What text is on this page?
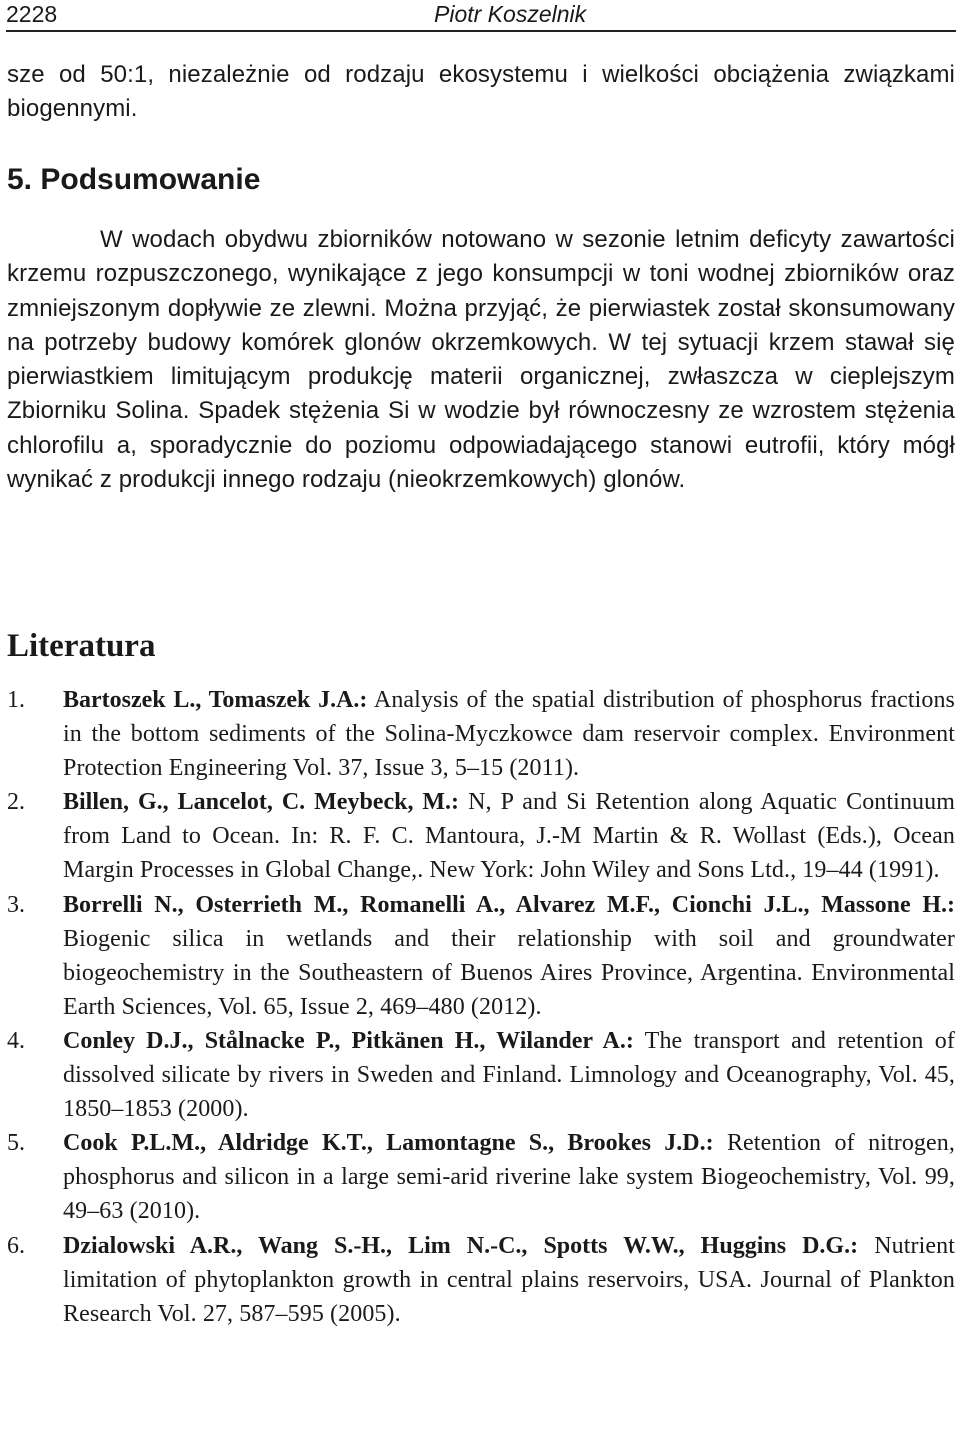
2228	Piotr Koszelnik

sze od 50:1, niezależnie od rodzaju ekosystemu i wielkości obciążenia związkami biogennymi.

5. Podsumowanie

W wodach obydwu zbiorników notowano w sezonie letnim deficyty zawartości krzemu rozpuszczonego, wynikające z jego konsumpcji w toni wodnej zbiorników oraz zmniejszonym dopływie ze zlewni. Można przyjąć, że pierwiastek został skonsumowany na potrzeby budowy komórek glonów okrzemkowych. W tej sytuacji krzem stawał się pierwiastkiem limitującym produkcję materii organicznej, zwłaszcza w cieplejszym Zbiorniku Solina. Spadek stężenia Si w wodzie był równoczesny ze wzrostem stężenia chlorofilu a, sporadycznie do poziomu odpowiadającego stanowi eutrofii, który mógł wynikać z produkcji innego rodzaju (nieokrzemkowych) glonów.

Literatura
1. Bartoszek L., Tomaszek J.A.: Analysis of the spatial distribution of phosphorus fractions in the bottom sediments of the Solina-Myczkowce dam reservoir complex. Environment Protection Engineering Vol. 37, Issue 3, 5–15 (2011).
2. Billen, G., Lancelot, C. Meybeck, M.: N, P and Si Retention along Aquatic Continuum from Land to Ocean. In: R. F. C. Mantoura, J.-M Martin & R. Wollast (Eds.), Ocean Margin Processes in Global Change,. New York: John Wiley and Sons Ltd., 19–44 (1991).
3. Borrelli N., Osterrieth M., Romanelli A., Alvarez M.F., Cionchi J.L., Massone H.: Biogenic silica in wetlands and their relationship with soil and groundwater biogeochemistry in the Southeastern of Buenos Aires Province, Argentina. Environmental Earth Sciences, Vol. 65, Issue 2, 469–480 (2012).
4. Conley D.J., Stålnacke P., Pitkänen H., Wilander A.: The transport and retention of dissolved silicate by rivers in Sweden and Finland. Limnology and Oceanography, Vol. 45, 1850–1853 (2000).
5. Cook P.L.M., Aldridge K.T., Lamontagne S., Brookes J.D.: Retention of nitrogen, phosphorus and silicon in a large semi-arid riverine lake system Biogeochemistry, Vol. 99, 49–63 (2010).
6. Dzialowski A.R., Wang S.-H., Lim N.-C., Spotts W.W., Huggins D.G.: Nutrient limitation of phytoplankton growth in central plains reservoirs, USA. Journal of Plankton Research Vol. 27, 587–595 (2005).
